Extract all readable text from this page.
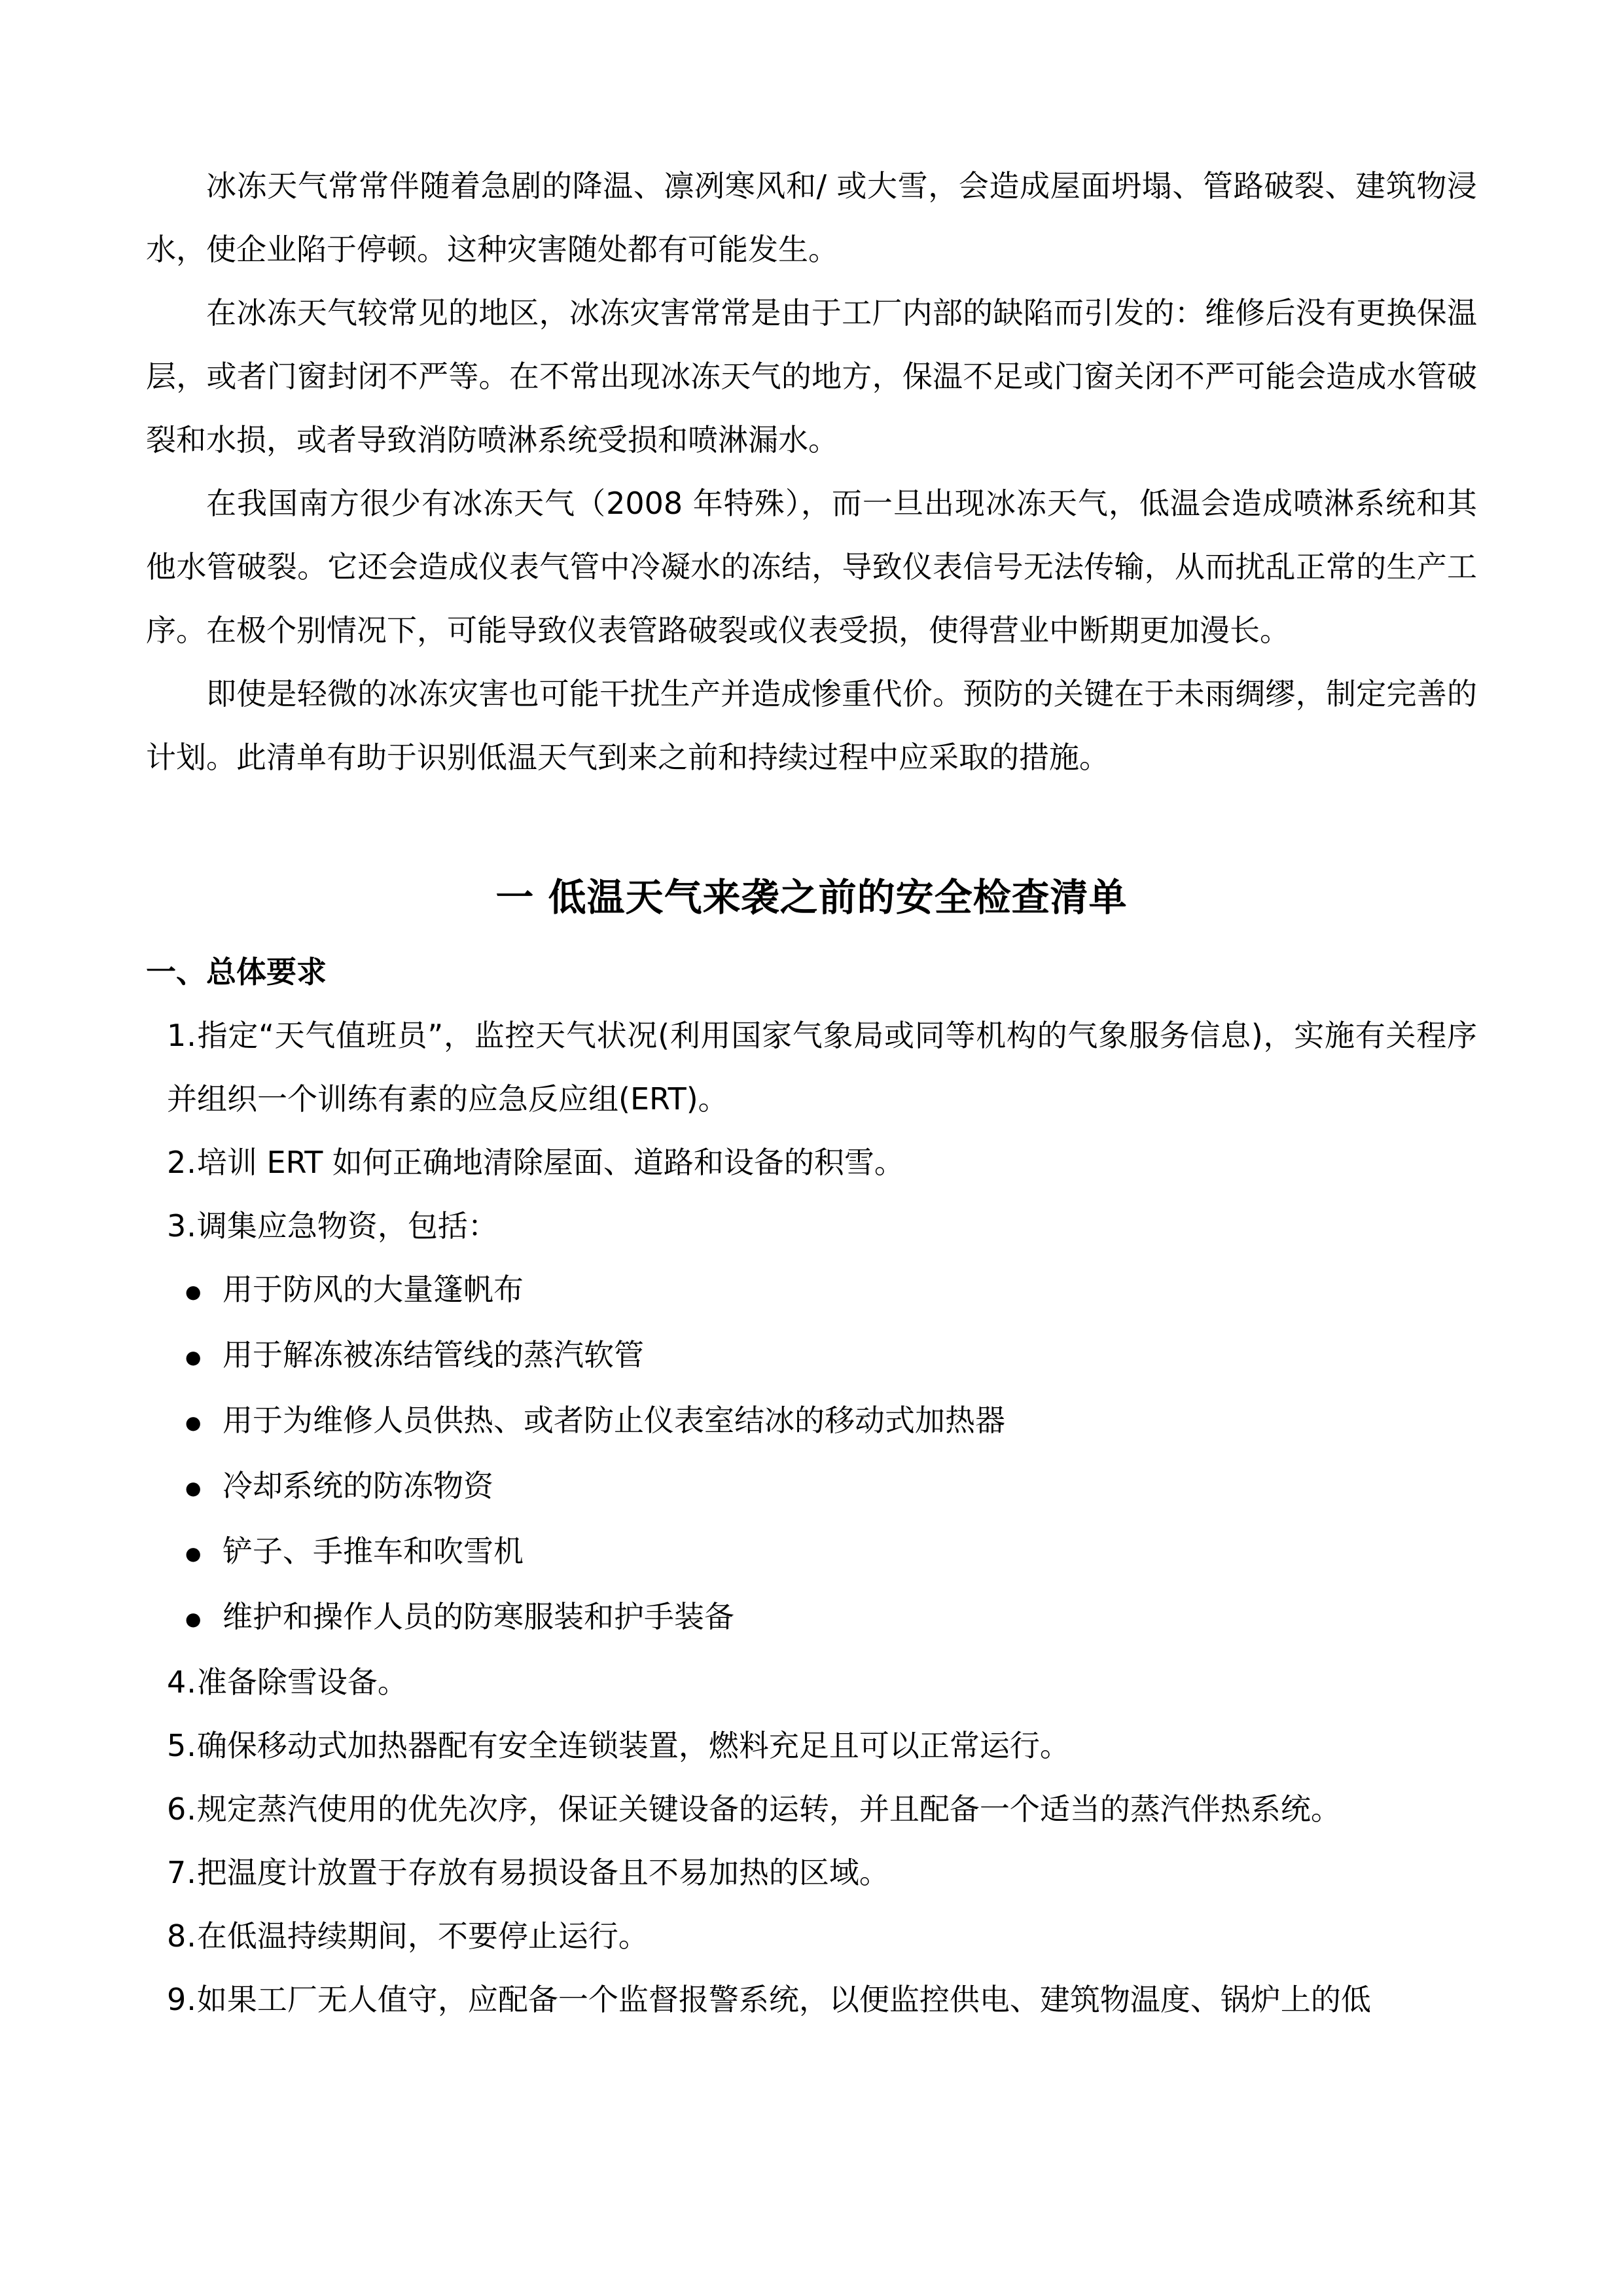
冰冻天气常常伴随着急剧的降温、凛冽寒风和/ 或大雪，会造成屋面坍塌、管路破裂、建筑物浸水，使企业陷于停顿。这种灾害随处都有可能发生。

在冰冻天气较常见的地区，冰冻灾害常常是由于工厂内部的缺陷而引发的：维修后没有更换保温层，或者门窗封闭不严等。在不常出现冰冻天气的地方，保温不足或门窗关闭不严可能会造成水管破裂和水损，或者导致消防喷淋系统受损和喷淋漏水。

在我国南方很少有冰冻天气（2008 年特殊），而一旦出现冰冻天气，低温会造成喷淋系统和其他水管破裂。它还会造成仪表气管中冷凝水的冻结，导致仪表信号无法传输，从而扰乱正常的生产工序。在极个别情况下，可能导致仪表管路破裂或仪表受损，使得营业中断期更加漫长。

即使是轻微的冰冻灾害也可能干扰生产并造成惨重代价。预防的关键在于未雨绸缪，制定完善的计划。此清单有助于识别低温天气到来之前和持续过程中应采取的措施。

一 低温天气来袭之前的安全检查清单
一、总体要求

1.指定“天气值班员”，监控天气状况(利用国家气象局或同等机构的气象服务信息)，实施有关程序并组织一个训练有素的应急反应组(ERT)。

2.培训 ERT 如何正确地清除屋面、道路和设备的积雪。

3.调集应急物资，包括：

● 用于防风的大量篷帆布

● 用于解冻被冻结管线的蒸汽软管

● 用于为维修人员供热、或者防止仪表室结冰的移动式加热器

● 冷却系统的防冻物资

● 铲子、手推车和吹雪机

● 维护和操作人员的防寒服装和护手装备

4.准备除雪设备。

5.确保移动式加热器配有安全连锁装置，燃料充足且可以正常运行。

6.规定蒸汽使用的优先次序，保证关键设备的运转，并且配备一个适当的蒸汽伴热系统。

7.把温度计放置于存放有易损设备且不易加热的区域。

8.在低温持续期间，不要停止运行。

9.如果工厂无人值守，应配备一个监督报警系统，以便监控供电、建筑物温度、锅炉上的低
